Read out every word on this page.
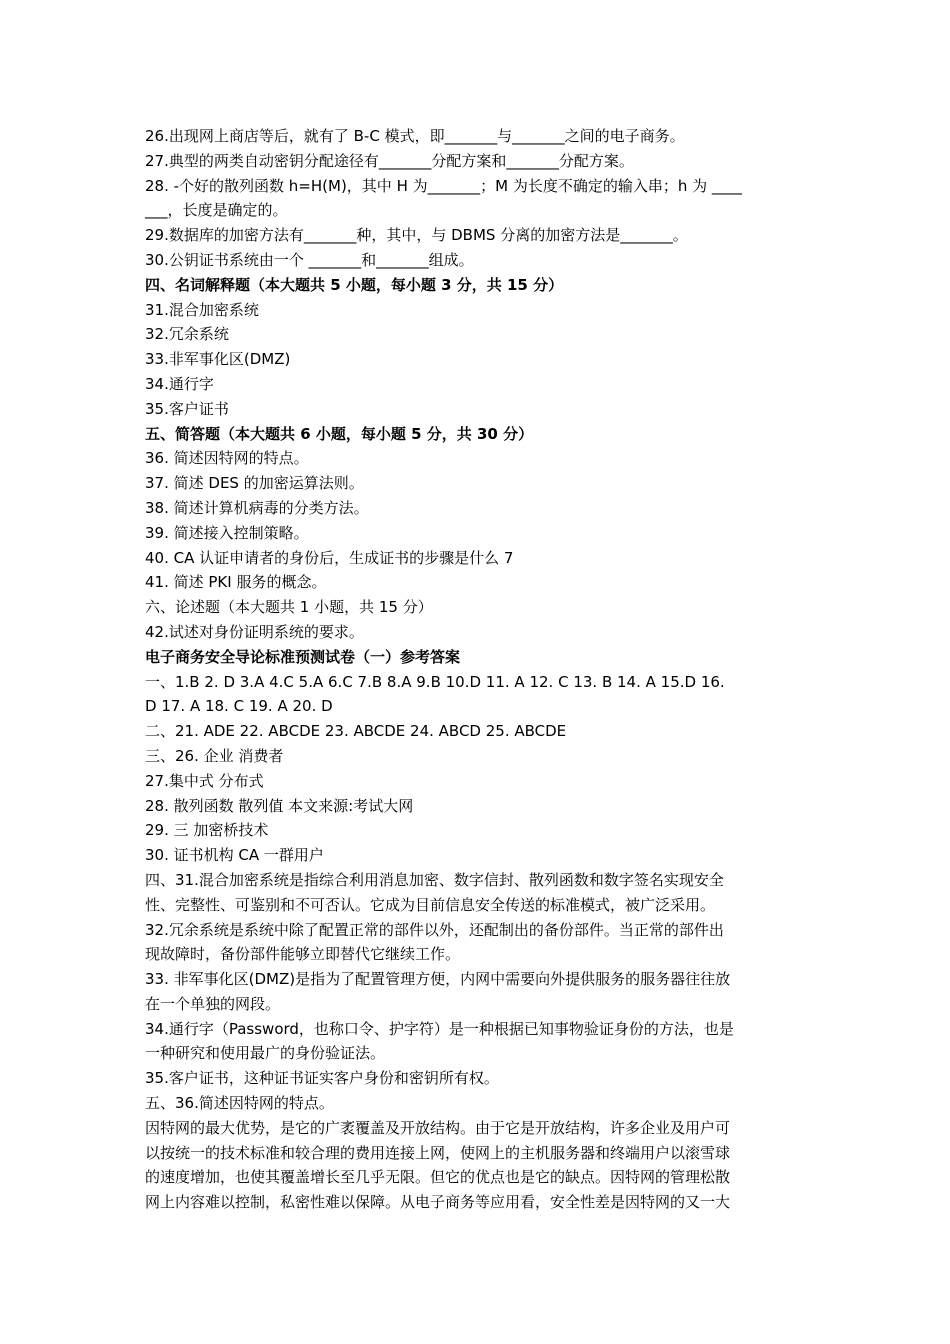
26.出现网上商店等后，就有了 B-C 模式，即_______与_______之间的电子商务。
27.典型的两类自动密钥分配途径有_______分配方案和_______分配方案。
28. -个好的散列函数 h=H(M)，其中 H 为_______；M 为长度不确定的输入串；h 为 ____
___，长度是确定的。
29.数据库的加密方法有_______种，其中，与 DBMS 分离的加密方法是_______。
30.公钥证书系统由一个 _______和_______组成。
四、名词解释题（本大题共 5 小题，每小题 3 分，共 15 分）
31.混合加密系统
32.冗余系统
33.非军事化区(DMZ)
34.通行字
35.客户证书
五、简答题（本大题共 6 小题，每小题 5 分，共 30 分）
36. 简述因特网的特点。
37. 简述 DES 的加密运算法则。
38. 简述计算机病毒的分类方法。
39. 简述接入控制策略。
40. CA 认证申请者的身份后，生成证书的步骤是什么 7
41. 简述 PKI 服务的概念。
六、论述题（本大题共 1 小题，共 15 分）
42.试述对身份证明系统的要求。
电子商务安全导论标准预测试卷（一）参考答案
一、1.B 2. D 3.A 4.C 5.A 6.C 7.B 8.A 9.B 10.D 11. A 12. C 13. B 14. A 15.D 16.
D 17. A 18. C 19. A 20. D
二、21. ADE 22. ABCDE 23. ABCDE 24. ABCD 25. ABCDE
三、26. 企业 消费者
27.集中式 分布式
28. 散列函数 散列值 本文来源:考试大网
29. 三 加密桥技术
30. 证书机构 CA 一群用户
四、31.混合加密系统是指综合利用消息加密、数字信封、散列函数和数字签名实现安全
性、完整性、可鉴别和不可否认。它成为目前信息安全传送的标准模式，被广泛采用。
32.冗余系统是系统中除了配置正常的部件以外，还配制出的备份部件。当正常的部件出
现故障时，备份部件能够立即替代它继续工作。
33. 非军事化区(DMZ)是指为了配置管理方便，内网中需要向外提供服务的服务器往往放
在一个单独的网段。
34.通行字（Password，也称口令、护字符）是一种根据已知事物验证身份的方法，也是
一种研究和使用最广的身份验证法。
35.客户证书，这种证书证实客户身份和密钥所有权。
五、36.简述因特网的特点。
因特网的最大优势，是它的广袤覆盖及开放结构。由于它是开放结构，许多企业及用户可
以按统一的技术标准和较合理的费用连接上网，使网上的主机服务器和终端用户以滚雪球
的速度增加，也使其覆盖增长至几乎无限。但它的优点也是它的缺点。因特网的管理松散
网上内容难以控制，私密性难以保障。从电子商务等应用看，安全性差是因特网的又一大
